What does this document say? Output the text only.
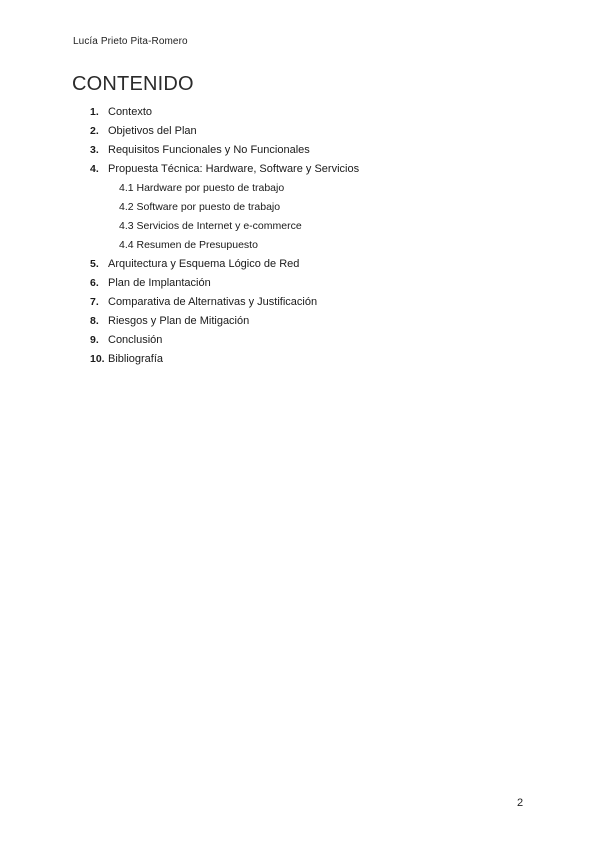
Lucía Prieto Pita-Romero
CONTENIDO
1. Contexto
2. Objetivos del Plan
3. Requisitos Funcionales y No Funcionales
4. Propuesta Técnica: Hardware, Software y Servicios
4.1 Hardware por puesto de trabajo
4.2 Software por puesto de trabajo
4.3 Servicios de Internet y e-commerce
4.4 Resumen de Presupuesto
5. Arquitectura y Esquema Lógico de Red
6. Plan de Implantación
7. Comparativa de Alternativas y Justificación
8. Riesgos y Plan de Mitigación
9. Conclusión
10. Bibliografía
2
